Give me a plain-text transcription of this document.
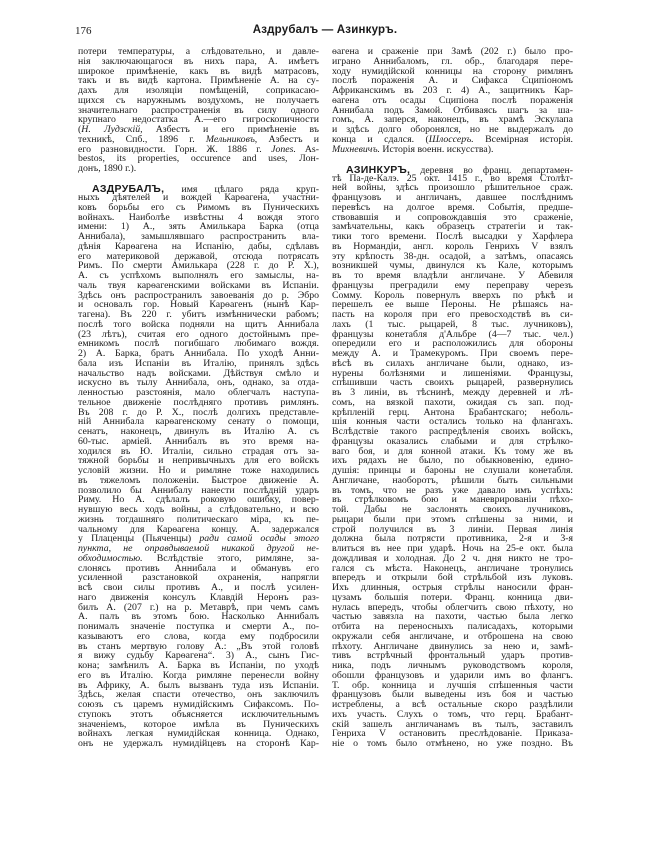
176	Аздрубалъ — Азинкуръ.
потери температуры, а слѣдовательно, и давле-
нія заключающагося въ нихъ пара, А. имѣетъ
широкое примѣненіе, какъ въ видѣ матрасовъ,
такъ и въ видѣ картона. Примѣненіе А. на су-
дахъ для изоляціи помѣщеній, соприкасаю-
щихся съ наружнымъ воздухомъ, не получаетъ
значительнаго распространенія въ силу одного
крупнаго недостатка А.—его гигроскопичности
(Н. Лудзскій, Азбестъ и его примѣненіе въ
техникѣ, Спб., 1896 г. Мельниковъ, Азбестъ и
его разновидности. Горн. Ж. 1886 г. Jones. As-
bestos, its properties, occurence and uses, Лон-
донъ, 1890 г.).
АЗДРУБАЛЪ, имя цѣлаго ряда круп-
ныхъ дѣятелей и вождей Карѳагена, участни-
ковъ борьбы его съ Римомъ въ Пуническихъ
войнахъ. Наиболѣе извѣстны 4 вождя этого
имени: 1) А., зять Амилькара Барка (отца
Аннибала), замышлявшаго распространить вла-
дѣнія Карѳагена на Испанію, дабы, сдѣлавъ
его материковой державой, отсюда потрясать
Римъ. По смерти Амилькара (228 г. до Р. Х.),
А. съ успѣхомъ выполнялъ его замыслы, на-
чаль твуя карѳагенскими войсками въ Испаніи.
Здѣсь онъ распространилъ завоеванія до р. Эбро
и основалъ гор. Новый Карѳагенъ (нынѣ Кар-
тагена). Въ 220 г. убитъ измѣннически рабомъ;
послѣ того войска подняли на щитъ Аннибала
(23 лѣтъ), считая его одного достойнымъ пре-
емникомъ послѣ погибшаго любимаго вождя.
2) А. Барка, братъ Аннибала. По уходѣ Анни-
бала изъ Испаніи въ Италію, принялъ здѣсь
начальство надъ войсками. Дѣйствуя смѣло и
искусно въ тылу Аннибала, онъ, однако, за отда-
ленностью разстоянія, мало облегчалъ наступа-
тельное движеніе послѣдняго противъ римлянъ.
Въ 208 г. до Р. Х., послѣ долгихъ представле-
ній Аннибала карѳагенскому сенату о помощи,
сенатъ, наконецъ, двинулъ въ Италію А. съ
60-тыс. арміей. Аннибалъ въ это время на-
ходился въ Ю. Италіи, сильно страдая отъ за-
тяжной борьбы и непривычныхъ для его войскъ
условій жизни. Но и римляне тоже находились
въ тяжеломъ положеніи. Быстрое движеніе А.
позволило бы Аннибалу нанести послѣдній ударъ
Риму. Но А. сдѣлалъ роковую ошибку, повер-
нувшую весь ходъ войны, а слѣдовательно, и всю
жизнь тогдашняго политическаго міра, къ пе-
чальному для Карѳагена концу. А. задержался
у Плаценцы (Пьяченцы) ради самой осады этого
пункта, не оправдываемой никакой другой не-
обходимостью. Вслѣдствіе этого, римляне, за-
слонясь противъ Аннибала и обманувъ его
усиленной разстановкой охраненія, напрягли
всѣ свои силы противъ А., и послѣ усилен-
наго движенія консулъ Клавдій Неронъ раз-
билъ А. (207 г.) на р. Метаврѣ, при чемъ самъ
А. палъ въ этомъ бою. Насколько Аннибалъ
понималъ значеніе поступка и смерти А., по-
казываютъ его слова, когда ему подбросили
въ станъ мертвую голову А.: „Въ этой головѣ
я вижу судьбу Карѳагена“. 3) А., сынъ Гис-
кона; замѣнилъ А. Барка въ Испаніи, по уходѣ
его въ Италію. Когда римляне перенесли войну
въ Африку, А. былъ вызванъ туда изъ Испаніи.
Здѣсь, желая спасти отечество, онъ заключилъ
союзъ съ царемъ нумидійскимъ Сифаксомъ. По-
ступокъ этотъ объясняется исключительнымъ
значеніемъ, которое имѣла въ Пуническихъ
войнахъ легкая нумидійская конница. Однако,
онъ не удержалъ нумидійцевъ на сторонѣ Кар-
ѳагена и сраженіе при Замѣ (202 г.) было про-
играно Аннибаломъ, гл. обр., благодаря пере-
ходу нумидійской конницы на сторону римлянъ
послѣ пораженія А. и Сифакса Сципіономъ
Африканскимъ въ 203 г. 4) А., защитникъ Кар-
ѳагена отъ осады Сципіона послѣ пораженія
Аннибала подъ Замой. Отбиваясь шагъ за ша-
гомъ, А. заперся, наконецъ, въ храмѣ Эскулапа
и здѣсь долго оборонялся, но не выдержалъ до
конца и сдался. (Шлоссеръ. Всемірная исторія.
Михневичъ. Исторія военн. искусства).
АЗИНКУРЪ, деревня во франц. департамен-
тѣ Па-де-Калэ. 25 окт. 1415 г., во время Столѣт-
ней войны, здѣсь произошло рѣшительное сраж.
французовъ и англичанъ, давшее послѣднимъ
перевѣсъ на долгое время. Событія, предше-
ствовавшія и сопровождавшія это сраженіе,
замѣчательны, какъ образецъ стратегіи и так-
тики того времени. Послѣ высадки у Харфлера
въ Нормандіи, англ. король Генрихъ V взялъ
эту крѣпость 38-дн. осадой, а затѣмъ, опасаясь
возникшей чумы, двинулся къ Кале, которымъ
въ то время владѣли англичане. У Абевиля
французы преградили ему переправу черезъ
Сомму. Король повернулъ вверхъ по рѣкѣ и
перешелъ ее выше Пероны. Не рѣшаясь на-
пасть на короля при его превосходствѣ въ си-
лахъ (1 тыс. рыцарей, 8 тыс. лучниковъ),
французы конетабля д'Альбре (4—7 тыс. чел.)
опередили его и расположились для обороны
между А. и Трамекуромъ. При своемъ пере-
вѣсѣ въ силахъ англичане были, однако, из-
нурены болѣзнями и лишеніями. Французы,
спѣшивши часть своихъ рыцарей, развернулись
въ 3 линіи, въ тѣснинѣ, между деревней и лѣ-
сомъ, на вязкой пахоти, ожидая съ зап. под-
крѣпленій герц. Антона Брабантскаго; неболь-
шія конныя части остались только на флангахъ.
Вслѣдствіе такого распредѣленія своихъ войскъ,
французы оказались слабыми и для стрѣлко-
ваго боя, и для конной атаки. Къ тому же въ
ихъ рядахъ не было, по обыкновенію, едино-
душія: принцы и бароны не слушали конетабля.
Англичане, наоборотъ, рѣшили быть сильными
въ томъ, что не разъ уже давало имъ успѣхъ:
въ стрѣлковомъ бою и маневрированіи пѣхо-
той. Дабы не заслонять своихъ лучниковъ,
рыцари были при этомъ спѣшены за ними, и
строй получился въ 3 линіи. Первая линія
должна была потрясти противника, 2-я и 3-я
влиться въ нее при ударѣ. Ночь на 25-е окт. была
дождливая и холодная. До 2 ч. дня никто не тро-
гался съ мѣста. Наконецъ, англичане тронулись
впередъ и открыли бой стрѣльбой изъ луковъ.
Ихъ длинныя, острыя стрѣлы наносили фран-
цузамъ большія потери. Франц. конница дви-
нулась впередъ, чтобы облегчить свою пѣхоту, но
частью завязла на пахоти, частью была легко
отбита на переносныхъ палисадахъ, которыми
окружали себя англичане, и отброшена на свою
пѣхоту. Англичане двинулись за нею и, замѣ-
тивъ встрѣчный фронтальный ударъ против-
ника, подъ личнымъ руководствомъ короля,
обошли французовъ и ударили имъ во флангъ.
Т. обр. конница и лучшія спѣшенныя части
французовъ были выведены изъ боя и частью
истреблены, а всѣ остальные скоро раздѣлили
ихъ участь. Слухъ о томъ, что герц. Брабант-
скій зашелъ англичанамъ въ тылъ, заставилъ
Генриха V остановить преслѣдованіе. Приказа-
ніе о томъ было отмѣнено, но уже поздно. Въ
